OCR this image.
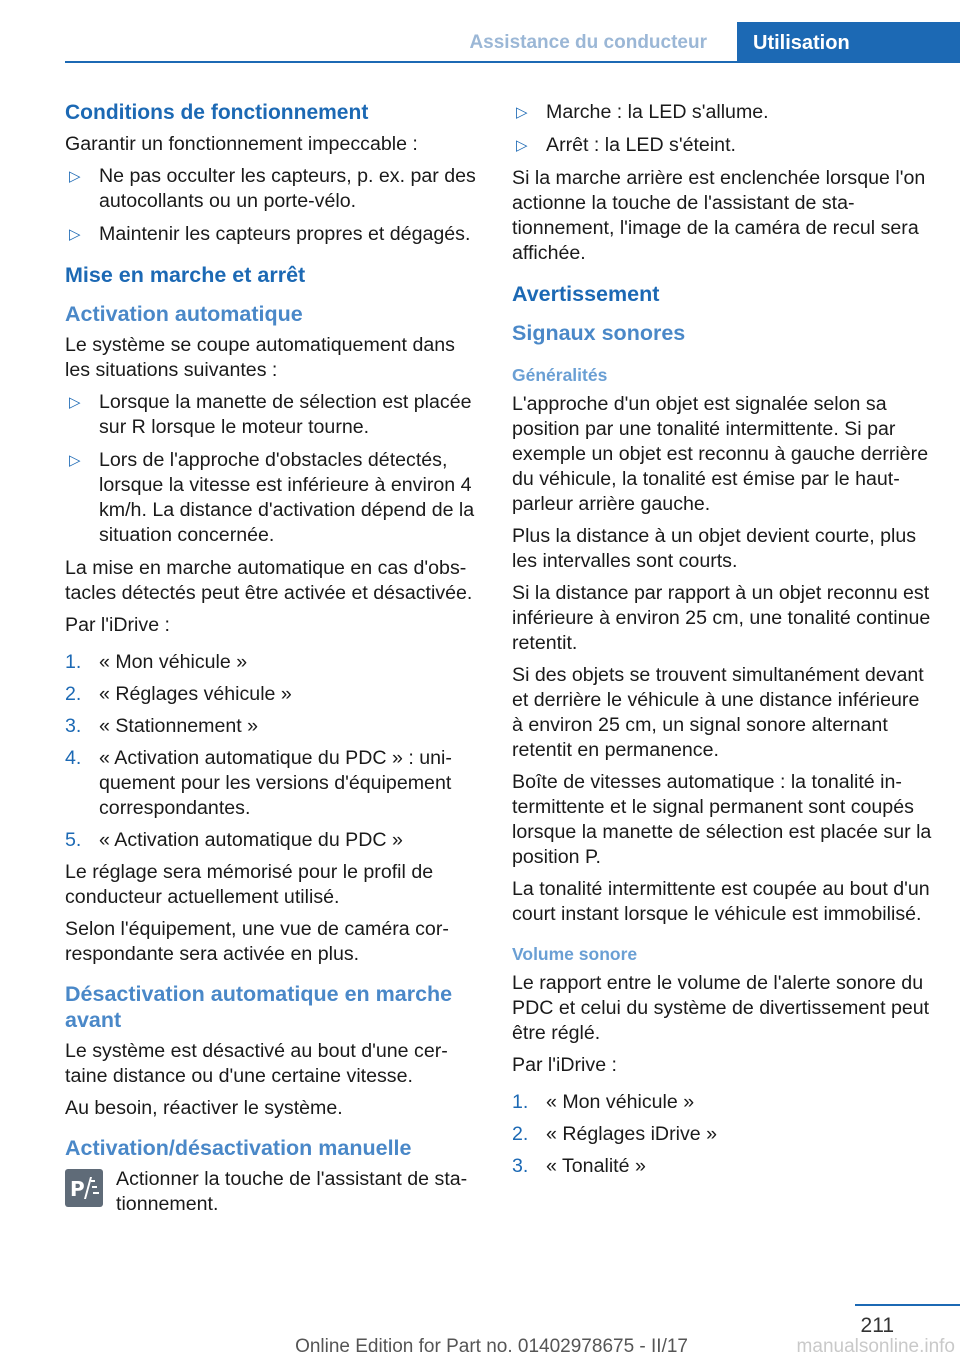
Assistance du conducteur	Utilisation
Conditions de fonctionnement

Garantir un fonctionnement impeccable :

▷ Ne pas occulter les capteurs, p. ex. par des autocollants ou un porte-vélo.
▷ Maintenir les capteurs propres et dégagés.
Mise en marche et arrêt
Activation automatique

Le système se coupe automatiquement dans les situations suivantes :

▷ Lorsque la manette de sélection est placée sur R lorsque le moteur tourne.
▷ Lors de l'approche d'obstacles détectés, lorsque la vitesse est inférieure à environ 4 km/h. La distance d'activation dépend de la situation concernée.

La mise en marche automatique en cas d'obstacles détectés peut être activée et désactivée.

Par l'iDrive :

1. « Mon véhicule »
2. « Réglages véhicule »
3. « Stationnement »
4. « Activation automatique du PDC » : uniquement pour les versions d'équipement correspondantes.
5. « Activation automatique du PDC »

Le réglage sera mémorisé pour le profil de conducteur actuellement utilisé.

Selon l'équipement, une vue de caméra correspondante sera activée en plus.

Désactivation automatique en marche avant

Le système est désactivé au bout d'une certaine distance ou d'une certaine vitesse.

Au besoin, réactiver le système.

Activation/désactivation manuelle
P Actionner la touche de l'assistant de stationnement.

▷ Marche : la LED s'allume.
▷ Arrêt : la LED s'éteint.

Si la marche arrière est enclenchée lorsque l'on actionne la touche de l'assistant de stationnement, l'image de la caméra de recul sera affichée.

Avertissement
Signaux sonores
Généralités

L'approche d'un objet est signalée selon sa position par une tonalité intermittente. Si par exemple un objet est reconnu à gauche derrière du véhicule, la tonalité est émise par le haut-parleur arrière gauche.

Plus la distance à un objet devient courte, plus les intervalles sont courts.

Si la distance par rapport à un objet reconnu est inférieure à environ 25 cm, une tonalité continue retentit.

Si des objets se trouvent simultanément devant et derrière le véhicule à une distance inférieure à environ 25 cm, un signal sonore alternant retentit en permanence.

Boîte de vitesses automatique : la tonalité intermittente et le signal permanent sont coupés lorsque la manette de sélection est placée sur la position P.

La tonalité intermittente est coupée au bout d'un court instant lorsque le véhicule est immobilisé.

Volume sonore

Le rapport entre le volume de l'alerte sonore du PDC et celui du système de divertissement peut être réglé.

Par l'iDrive :

1. « Mon véhicule »
2. « Réglages iDrive »
3. « Tonalité »
211
Online Edition for Part no. 01402978675 - II/17	manualsonline.info
